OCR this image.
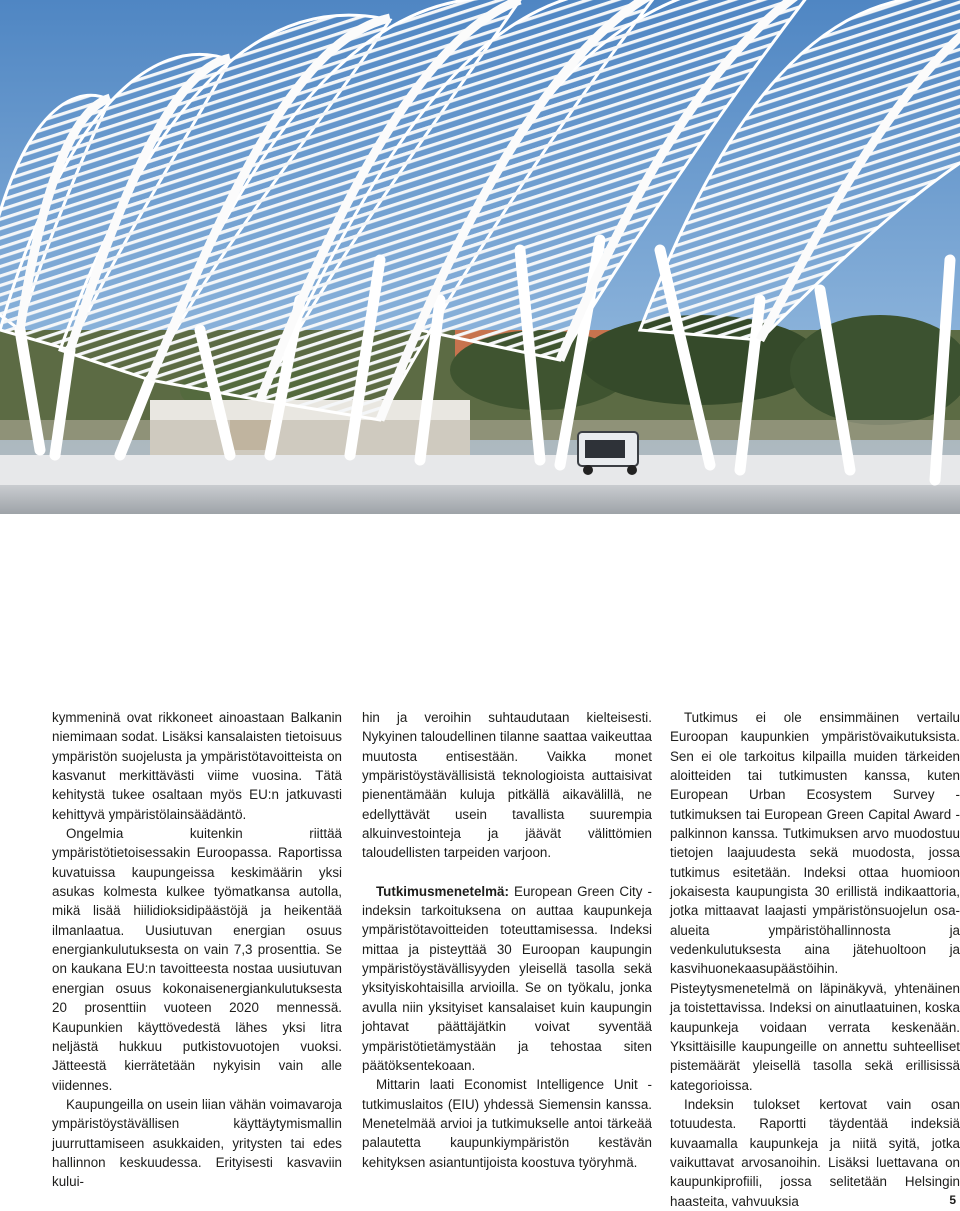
kymmeninä ovat rikkoneet ainoastaan Balkanin niemimaan sodat. Lisäksi kansalaisten tietoisuus ympäristön suojelusta ja ympäristötavoitteista on kasvanut merkittävästi viime vuosina. Tätä kehitystä tukee osaltaan myös EU:n jatkuvasti kehittyvä ympäristölainsäädäntö.

Ongelmia kuitenkin riittää ympäristötietoisessakin Euroopassa. Raportissa kuvatuissa kaupungeissa keskimäärin yksi asukas kolmesta kulkee työmatkansa autolla, mikä lisää hiilidioksidipäästöjä ja heikentää ilmanlaatua. Uusiutuvan energian osuus energiankulutuksesta on vain 7,3 prosenttia. Se on kaukana EU:n tavoitteesta nostaa uusiutuvan energian osuus kokonaisenergiankulutuksesta 20 prosenttiin vuoteen 2020 mennessä. Kaupunkien käyttövedestä lähes yksi litra neljästä hukkuu putkistovuotojen vuoksi. Jätteestä kierrätetään nykyisin vain alle viidennes.

Kaupungeilla on usein liian vähän voimavaroja ympäristöystävällisen käyttäytymismallin juurruttamiseen asukkaiden, yritysten tai edes hallinnon keskuudessa. Erityisesti kasvaviin kului-

hin ja veroihin suhtaudutaan kielteisesti. Nykyinen taloudellinen tilanne saattaa vaikeuttaa muutosta entisestään. Vaikka monet ympäristöystävällisistä teknologioista auttaisivat pienentämään kuluja pitkällä aikavälillä, ne edellyttävät usein tavallista suurempia alkuinvestointeja ja jäävät välittömien taloudellisten tarpeiden varjoon.

Tutkimusmenetelmä: European Green City -indeksin tarkoituksena on auttaa kaupunkeja ympäristötavoitteiden toteuttamisessa. Indeksi mittaa ja pisteyttää 30 Euroopan kaupungin ympäristöystävällisyyden yleisellä tasolla sekä yksityiskohtaisilla arvioilla. Se on työkalu, jonka avulla niin yksityiset kansalaiset kuin kaupungin johtavat päättäjätkin voivat syventää ympäristötietämystään ja tehostaa siten päätöksentekoaan.

Mittarin laati Economist Intelligence Unit -tutkimuslaitos (EIU) yhdessä Siemensin kanssa. Menetelmää arvioi ja tutkimukselle antoi tärkeää palautetta kaupunkiympäristön kestävän kehityksen asiantuntijoista koostuva työryhmä.

Tutkimus ei ole ensimmäinen vertailu Euroopan kaupunkien ympäristövaikutuksista. Sen ei ole tarkoitus kilpailla muiden tärkeiden aloitteiden tai tutkimusten kanssa, kuten European Urban Ecosystem Survey -tutkimuksen tai European Green Capital Award -palkinnon kanssa. Tutkimuksen arvo muodostuu tietojen laajuudesta sekä muodosta, jossa tutkimus esitetään. Indeksi ottaa huomioon jokaisesta kaupungista 30 erillistä indikaattoria, jotka mittaavat laajasti ympäristönsuojelun osa-alueita ympäristöhallinnosta ja vedenkulutuksesta aina jätehuoltoon ja kasvihuonekaasupäästöihin. Pisteytysmenetelmä on läpinäkyvä, yhtenäinen ja toistettavissa. Indeksi on ainutlaatuinen, koska kaupunkeja voidaan verrata keskenään. Yksittäisille kaupungeille on annettu suhteelliset pistemäärät yleisellä tasolla sekä erillisissä kategorioissa.

Indeksin tulokset kertovat vain osan totuudesta. Raportti täydentää indeksiä kuvaamalla kaupunkeja ja niitä syitä, jotka vaikuttavat arvosanoihin. Lisäksi luettavana on kaupunkiprofiili, jossa selitetään Helsingin haasteita, vahvuuksia	5
